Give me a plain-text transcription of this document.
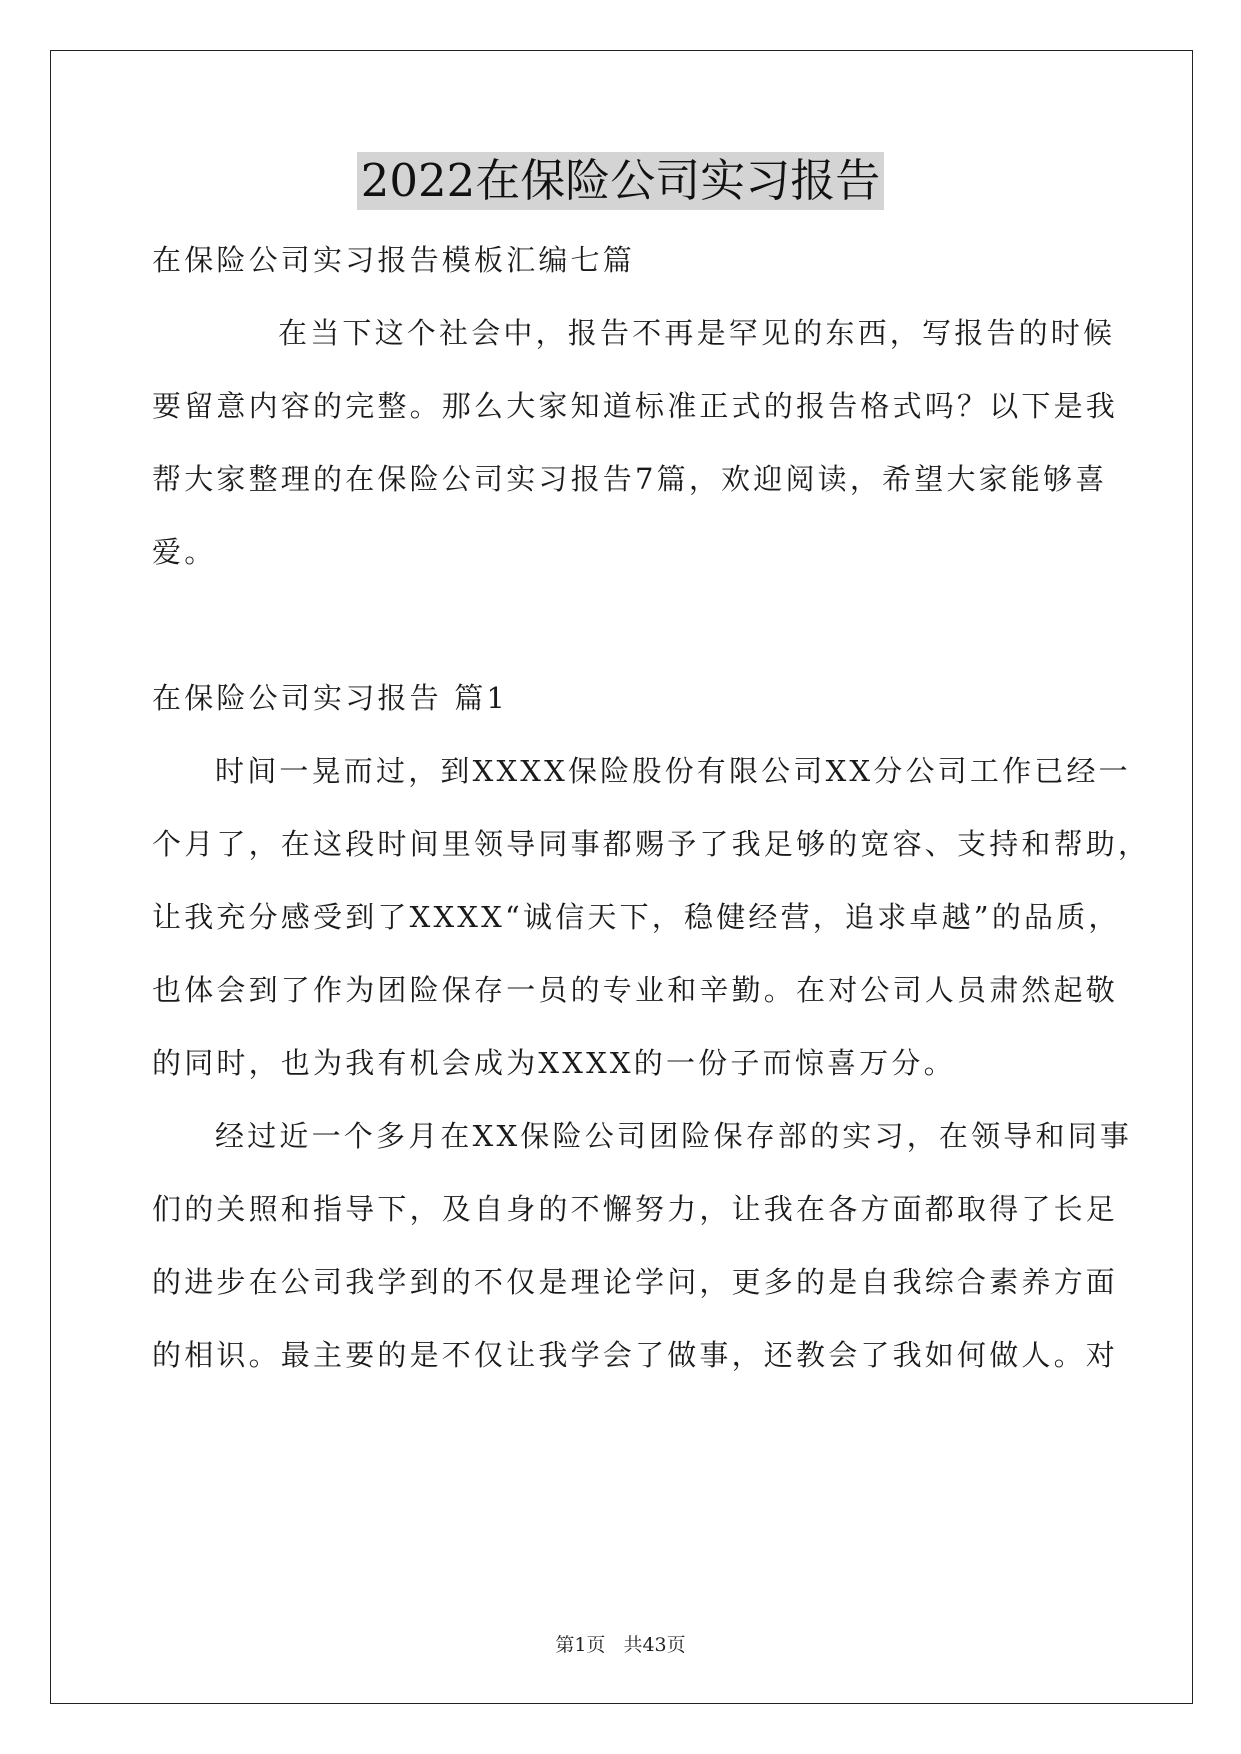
2022在保险公司实习报告
在保险公司实习报告模板汇编七篇
在当下这个社会中，报告不再是罕见的东西，写报告的时候
要留意内容的完整。那么大家知道标准正式的报告格式吗？以下是我
帮大家整理的在保险公司实习报告7篇，欢迎阅读，希望大家能够喜
爱。
在保险公司实习报告 篇1
时间一晃而过，到XXXX保险股份有限公司XX分公司工作已经一
个月了，在这段时间里领导同事都赐予了我足够的宽容、支持和帮助，
让我充分感受到了XXXX“诚信天下，稳健经营，追求卓越”的品质，
也体会到了作为团险保存一员的专业和辛勤。在对公司人员肃然起敬
的同时，也为我有机会成为XXXX的一份子而惊喜万分。
经过近一个多月在XX保险公司团险保存部的实习，在领导和同事
们的关照和指导下，及自身的不懈努力，让我在各方面都取得了长足
的进步在公司我学到的不仅是理论学问，更多的是自我综合素养方面
的相识。最主要的是不仅让我学会了做事，还教会了我如何做人。对
第1页 共43页
